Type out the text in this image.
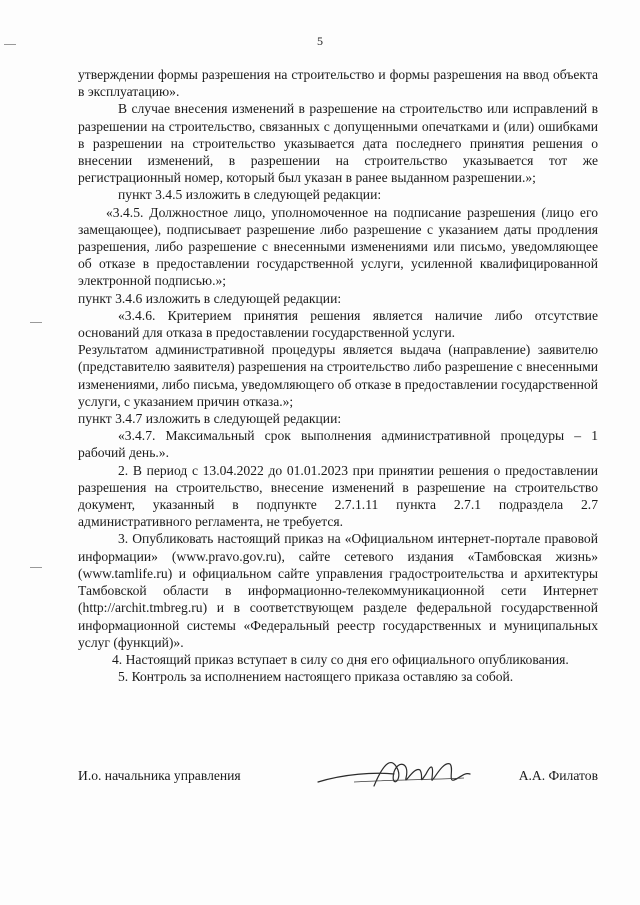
5

утверждении формы разрешения на строительство и формы разрешения на ввод объекта в эксплуатацию».

В случае внесения изменений в разрешение на строительство или исправлений в разрешении на строительство, связанных с допущенными опечатками и (или) ошибками в разрешении на строительство указывается дата последнего принятия решения о внесении изменений, в разрешении на строительство указывается тот же регистрационный номер, который был указан в ранее выданном разрешении.»;

пункт 3.4.5 изложить в следующей редакции:

«3.4.5. Должностное лицо, уполномоченное на подписание разрешения (лицо его замещающее), подписывает разрешение либо разрешение с указанием даты продления разрешения, либо разрешение с внесенными изменениями или письмо, уведомляющее об отказе в предоставлении государственной услуги, усиленной квалифицированной электронной подписью.»;

пункт 3.4.6 изложить в следующей редакции:

«3.4.6. Критерием принятия решения является наличие либо отсутствие оснований для отказа в предоставлении государственной услуги.

Результатом административной процедуры является выдача (направление) заявителю (представителю заявителя) разрешения на строительство либо разрешение с внесенными изменениями, либо письма, уведомляющего об отказе в предоставлении государственной услуги, с указанием причин отказа.»;

пункт 3.4.7 изложить в следующей редакции:

«3.4.7. Максимальный срок выполнения административной процедуры – 1 рабочий день.».

2. В период с 13.04.2022 до 01.01.2023 при принятии решения о предоставлении разрешения на строительство, внесение изменений в разрешение на строительство документ, указанный в подпункте 2.7.1.11 пункта 2.7.1 подраздела 2.7 административного регламента, не требуется.

3. Опубликовать настоящий приказ на «Официальном интернет-портале правовой информации» (www.pravo.gov.ru), сайте сетевого издания «Тамбовская жизнь» (www.tamlife.ru) и официальном сайте управления градостроительства и архитектуры Тамбовской области в информационно-телекоммуникационной сети Интернет (http://archit.tmbreg.ru) и в соответствующем разделе федеральной государственной информационной системы «Федеральный реестр государственных и муниципальных услуг (функций)».

4. Настоящий приказ вступает в силу со дня его официального опубликования.

5. Контроль за исполнением настоящего приказа оставляю за собой.

И.о. начальника управления	А.А. Филатов
